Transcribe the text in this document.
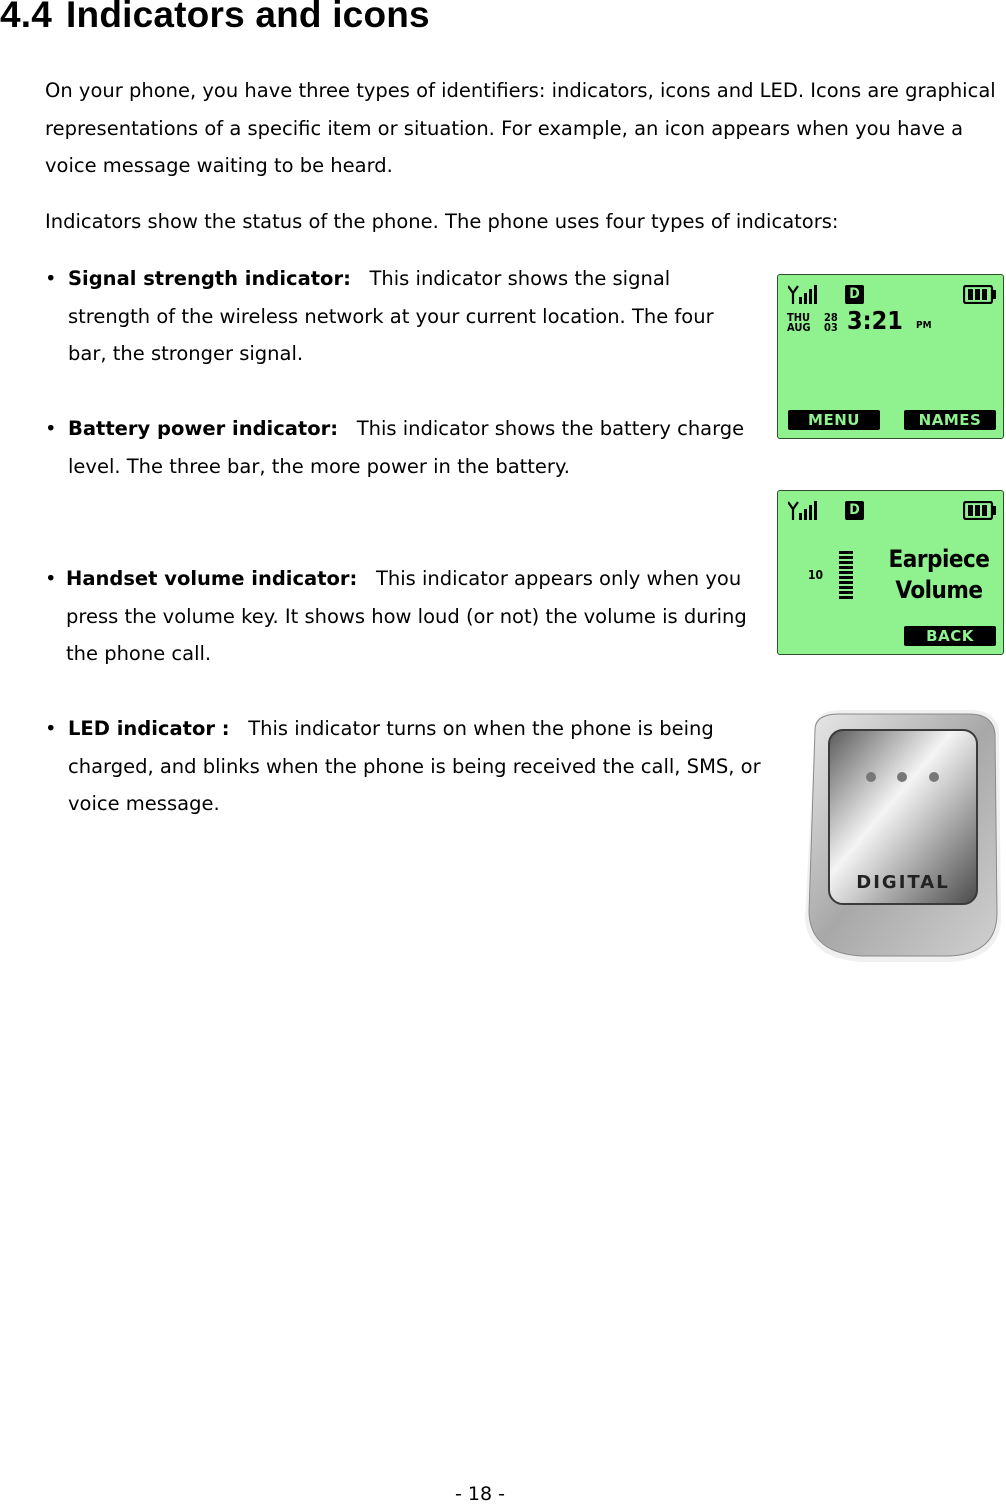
4.4 Indicators and icons

On your phone, you have three types of identifiers: indicators, icons and LED. Icons are graphical representations of a specific item or situation. For example, an icon appears when you have a voice message waiting to be heard.

Indicators show the status of the phone. The phone uses four types of indicators:

• Signal strength indicator: This indicator shows the signal strength of the wireless network at your current location. The four bar, the stronger signal.
• Battery power indicator: This indicator shows the battery charge level. The three bar, the more power in the battery.
• Handset volume indicator: This indicator appears only when you press the volume key. It shows how loud (or not) the volume is during the phone call.
• LED indicator : This indicator turns on when the phone is being charged, and blinks when the phone is being received the call, SMS, or voice message.
D
THU
AUG
28
03 3:21 PM
MENU	NAMES
D
10
Earpiece
Volume
BACK
DIGITAL
- 18 -
